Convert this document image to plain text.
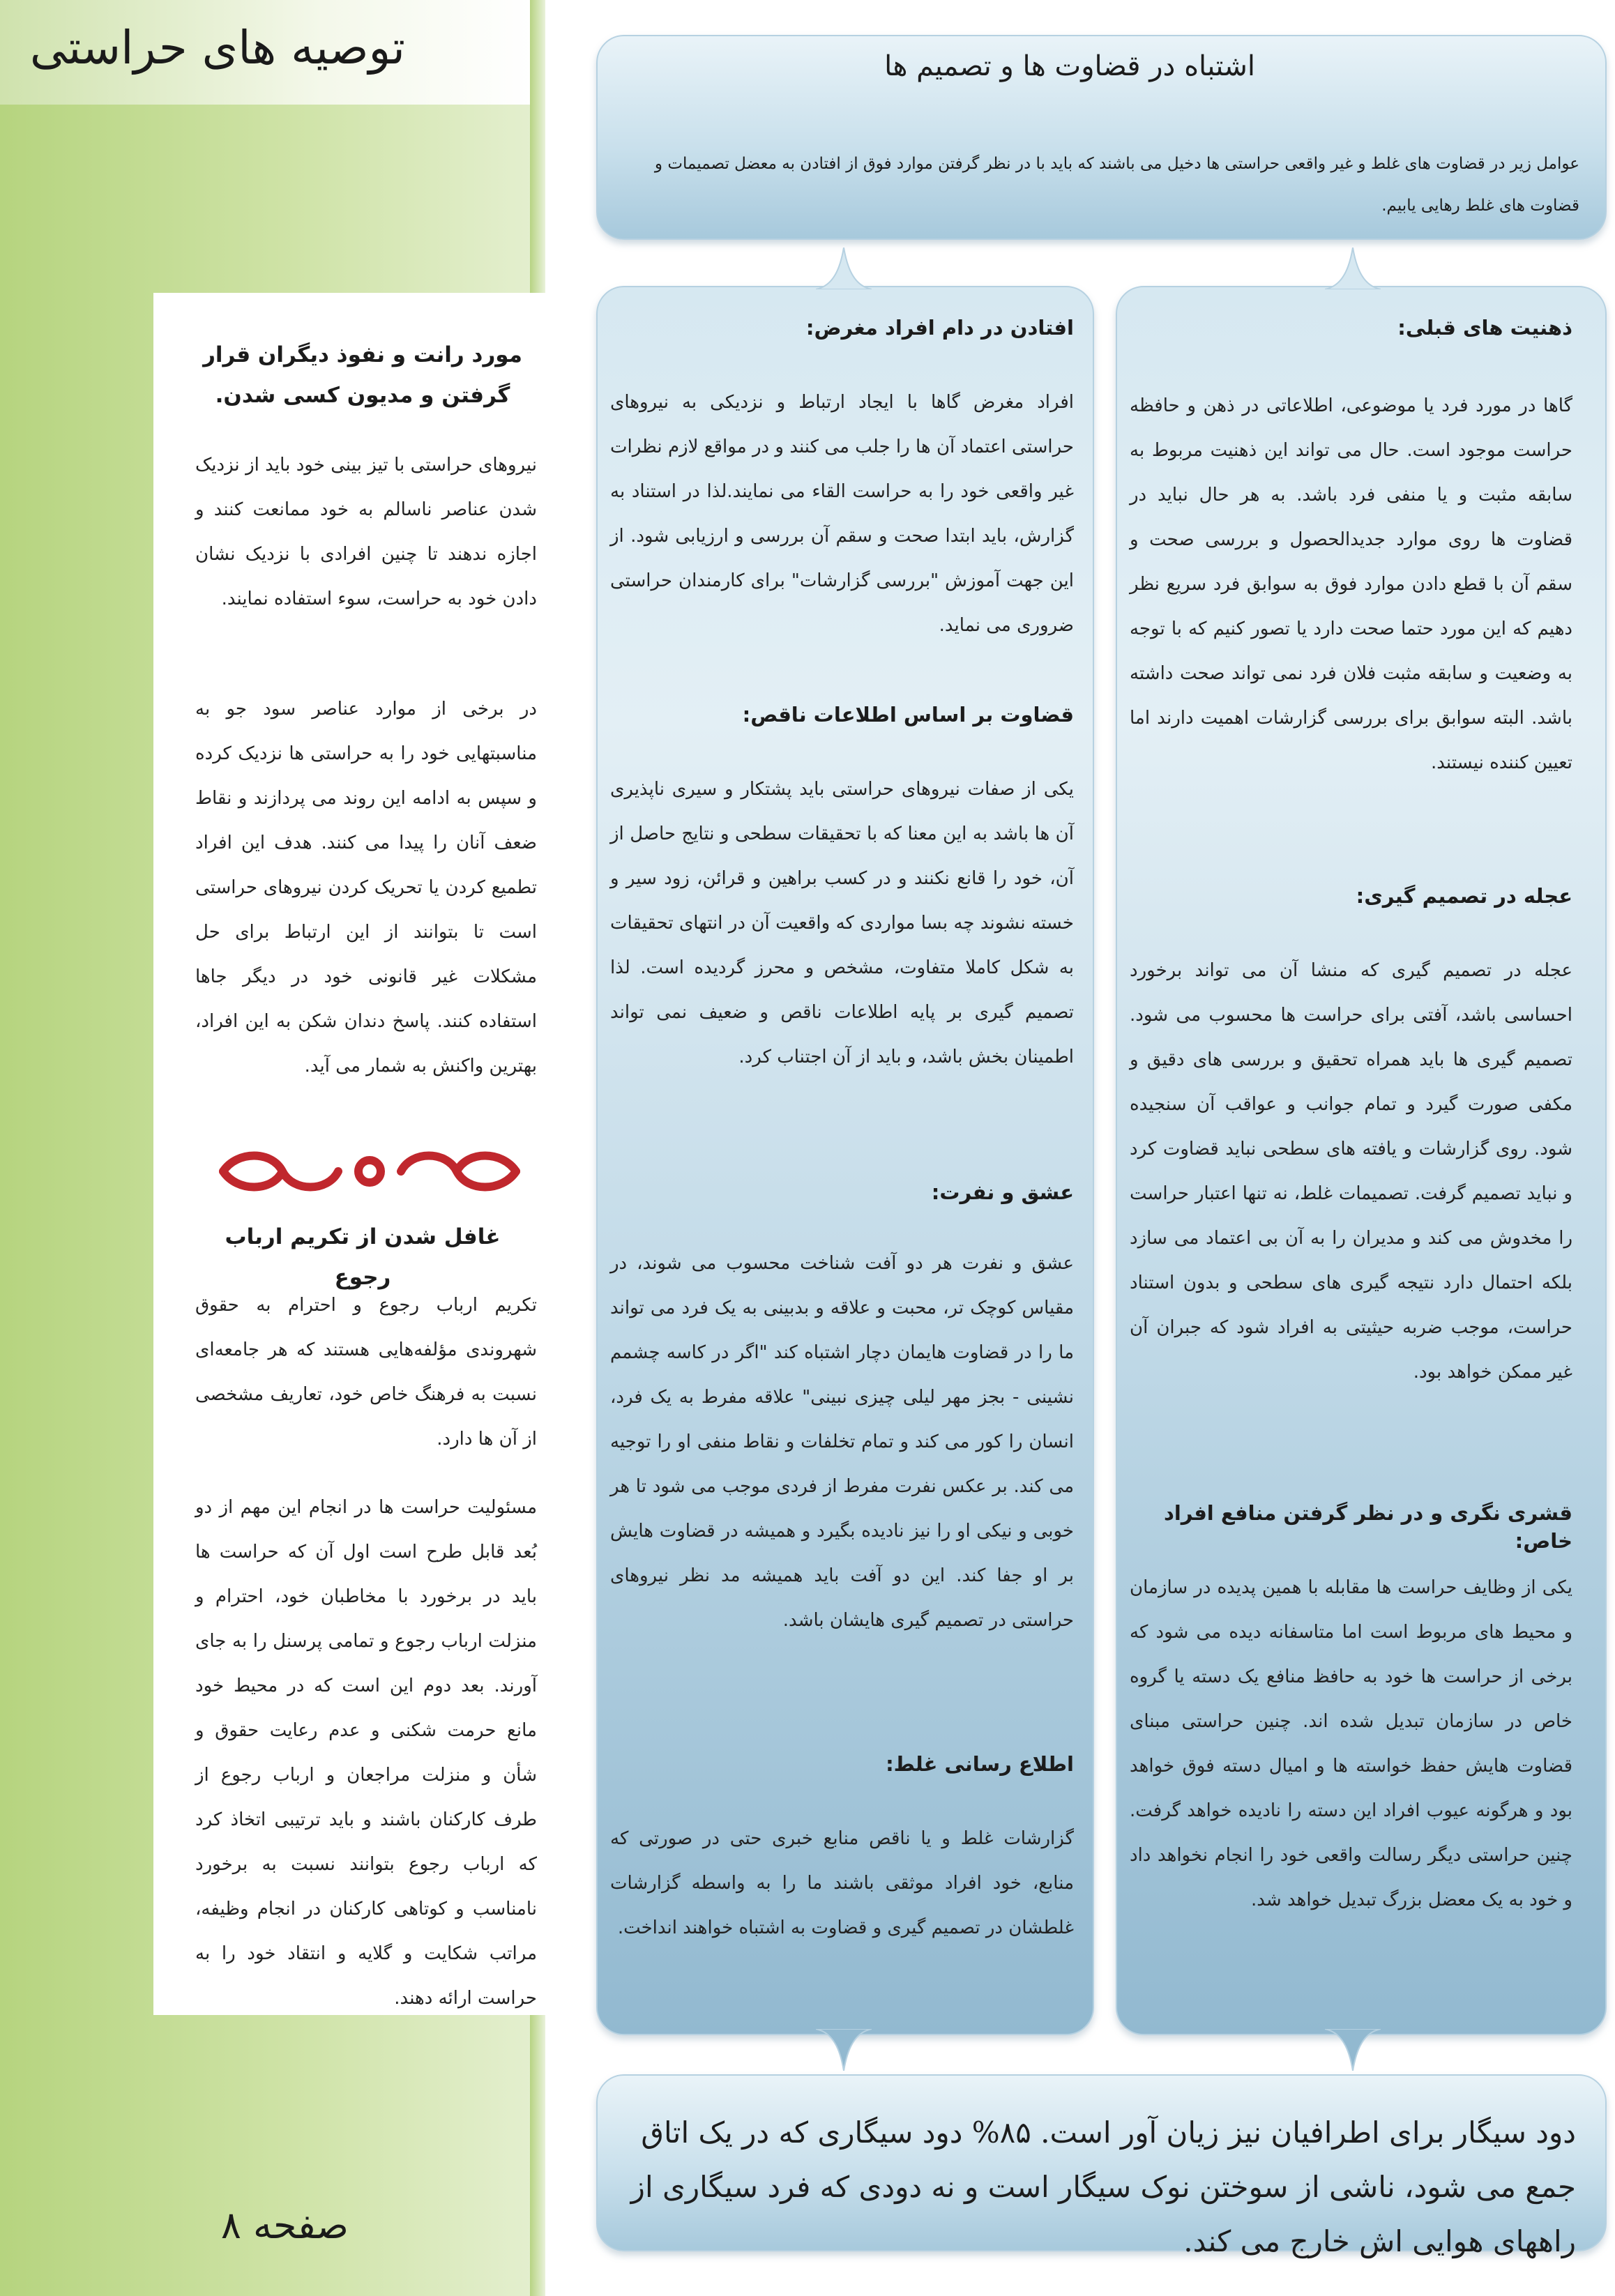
توصیه های حراستی
مورد رانت و نفوذ دیگران قرار گرفتن و مدیون کسی شدن.
نیروهای حراستی با تیز بینی خود باید از نزدیک شدن عناصر ناسالم به خود ممانعت کنند و اجازه ندهند تا چنین افرادی با نزدیک نشان دادن خود به حراست، سوء استفاده نمایند.
در برخی از موارد عناصر سود جو به مناسبتهایی خود را به حراستی ها نزدیک کرده و سپس به ادامه این روند می پردازند و نقاط ضعف آنان را پیدا می کنند. هدف این افراد تطمیع کردن یا تحریک کردن نیروهای حراستی است تا بتوانند از این ارتباط برای حل مشکلات غیر قانونی خود در دیگر جاها استفاده کنند. پاسخ دندان شکن به این افراد، بهترین واکنش به شمار می آید.
غافل شدن از تکریم ارباب رجوع
تکریم ارباب رجوع و احترام به حقوق شهروندی مؤلفه‌هایی هستند که هر جامعه‌ای نسبت به فرهنگ خاص خود، تعاریف مشخصی از آن ها دارد.
مسئولیت حراست ها در انجام این مهم از دو بُعد قابل طرح است اول آن که حراست ها باید در برخورد با مخاطبان خود، احترام و منزلت ارباب رجوع و تمامی پرسنل را به جای آورند. بعد دوم این است که در محیط خود مانع حرمت شکنی و عدم رعایت حقوق و شأن و منزلت مراجعان و ارباب رجوع از طرف کارکنان باشند و باید ترتیبی اتخاذ کرد که ارباب رجوع بتوانند نسبت به برخورد نامناسب و کوتاهی کارکنان در انجام وظیفه، مراتب شکایت و گلایه و انتقاد خود را به حراست ارائه دهند.
صفحه ۸
اشتباه در قضاوت ها و تصمیم ها
عوامل زیر در قضاوت های غلط و غیر واقعی حراستی ها دخیل می باشند که باید با در نظر گرفتن موارد فوق از افتادن به معضل تصمیمات و قضاوت های غلط رهایی یابیم.
افتادن در دام افراد مغرض:
افراد مغرض گاها با ایجاد ارتباط و نزدیکی به نیروهای حراستی اعتماد آن ها را جلب می کنند و در مواقع لازم نظرات غیر واقعی خود را به حراست القاء می نمایند.لذا در استناد به گزارش، باید ابتدا صحت و سقم آن بررسی و ارزیابی شود. از این جهت آموزش "بررسی گزارشات" برای کارمندان حراستی ضروری می نماید.
قضاوت بر اساس اطلاعات ناقص:
یکی از صفات نیروهای حراستی باید پشتکار و سیری ناپذیری آن ها باشد به این معنا که با تحقیقات سطحی و نتایج حاصل از آن، خود را قانع نکنند و در کسب براهین و قرائن، زود سیر و خسته نشوند چه بسا مواردی که واقعیت آن در انتهای تحقیقات به شکل کاملا متفاوت، مشخص و محرز گردیده است. لذا تصمیم گیری بر پایه اطلاعات ناقص و ضعیف نمی تواند اطمینان بخش باشد، و باید از آن اجتناب کرد.
عشق و نفرت:
عشق و نفرت هر دو آفت شناخت محسوب می شوند، در مقیاس کوچک تر، محبت و علاقه و بدبینی به یک فرد می تواند ما را در قضاوت هایمان دچار اشتباه کند "اگر در کاسه چشمم نشینی - بجز مهر لیلی چیزی نبینی" علاقه مفرط به یک فرد، انسان را کور می کند و تمام تخلفات و نقاط منفی او را توجیه می کند. بر عکس نفرت مفرط از فردی موجب می شود تا هر خوبی و نیکی او را نیز نادیده بگیرد و همیشه در قضاوت هایش بر او جفا کند. این دو آفت باید همیشه مد نظر نیروهای حراستی در تصمیم گیری هایشان باشد.
اطلاع رسانی غلط:
گزارشات غلط و یا ناقص منابع خبری حتی در صورتی که منابع، خود افراد موثقی باشند ما را به واسطه گزارشات غلطشان در تصمیم گیری و قضاوت به اشتباه خواهند انداخت.
ذهنیت های قبلی:
گاها در مورد فرد یا موضوعی، اطلاعاتی در ذهن و حافظه حراست موجود است. حال می تواند این ذهنیت مربوط به سابقه مثبت و یا منفی فرد باشد. به هر حال نباید در قضاوت ها روی موارد جدیدالحصول و بررسی صحت و سقم آن با قطع دادن موارد فوق به سوابق فرد سریع نظر دهیم که این مورد حتما صحت دارد یا تصور کنیم که با توجه به وضعیت و سابقه مثبت فلان فرد نمی تواند صحت داشته باشد. البته سوابق برای بررسی گزارشات اهمیت دارند اما تعیین کننده نیستند.
عجله در تصمیم گیری:
عجله در تصمیم گیری که منشا آن می تواند برخورد احساسی باشد، آفتی برای حراست ها محسوب می شود. تصمیم گیری ها باید همراه تحقیق و بررسی های دقیق و مکفی صورت گیرد و تمام جوانب و عواقب آن سنجیده شود. روی گزارشات و یافته های سطحی نباید قضاوت کرد و نباید تصمیم گرفت. تصمیمات غلط، نه تنها اعتبار حراست را مخدوش می کند و مدیران را به آن بی اعتماد می سازد بلکه احتمال دارد نتیجه گیری های سطحی و بدون استناد حراست، موجب ضربه حیثیتی به افراد شود که جبران آن غیر ممکن خواهد بود.
قشری نگری و در نظر گرفتن منافع افراد خاص:
یکی از وظایف حراست ها مقابله با همین پدیده در سازمان و محیط های مربوط است اما متاسفانه دیده می شود که برخی از حراست ها خود به حافظ منافع یک دسته یا گروه خاص در سازمان تبدیل شده اند. چنین حراستی مبنای قضاوت هایش حفظ خواسته ها و امیال دسته فوق خواهد بود و هرگونه عیوب افراد این دسته را نادیده خواهد گرفت. چنین حراستی دیگر رسالت واقعی خود را انجام نخواهد داد و خود به یک معضل بزرگ تبدیل خواهد شد.
دود سیگار برای اطرافیان نیز زیان آور است. ۸۵% دود سیگاری که در یک اتاق جمع می شود، ناشی از سوختن نوک سیگار است و نه دودی که فرد سیگاری از راههای هوایی اش خارج می کند.
